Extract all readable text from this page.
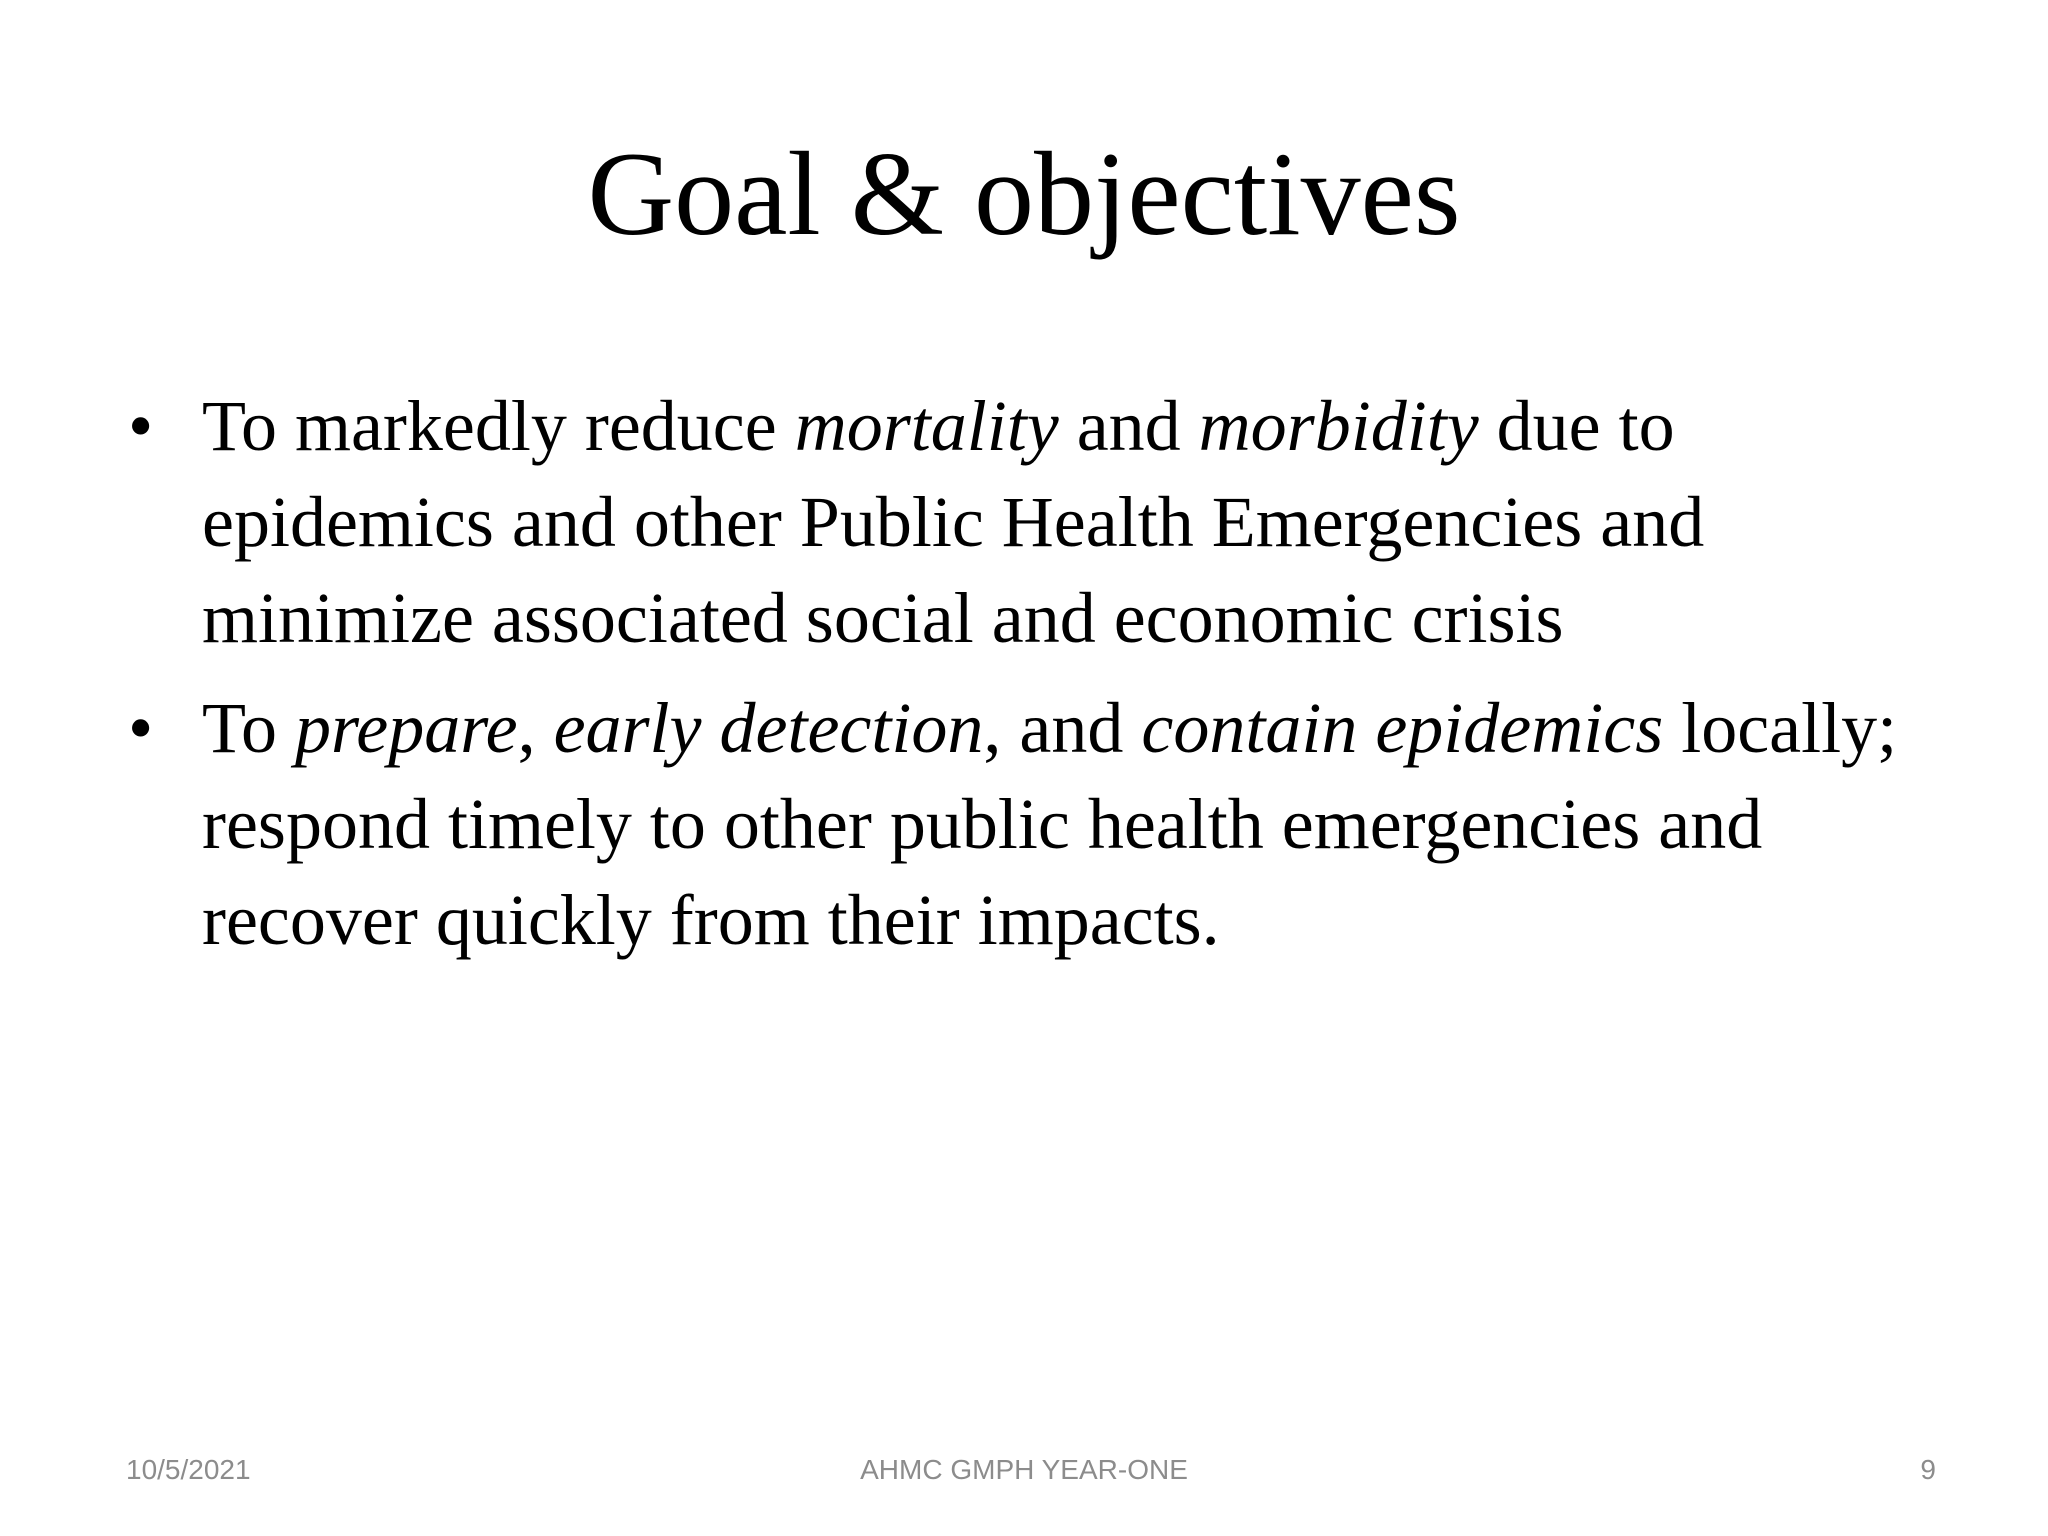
Goal & objectives
• To markedly reduce mortality and morbidity due to epidemics and other Public Health Emergencies and minimize associated social and economic crisis
• To prepare, early detection, and contain epidemics locally; respond timely to other public health emergencies and recover quickly from their impacts.
10/5/2021	AHMC GMPH YEAR-ONE	9
